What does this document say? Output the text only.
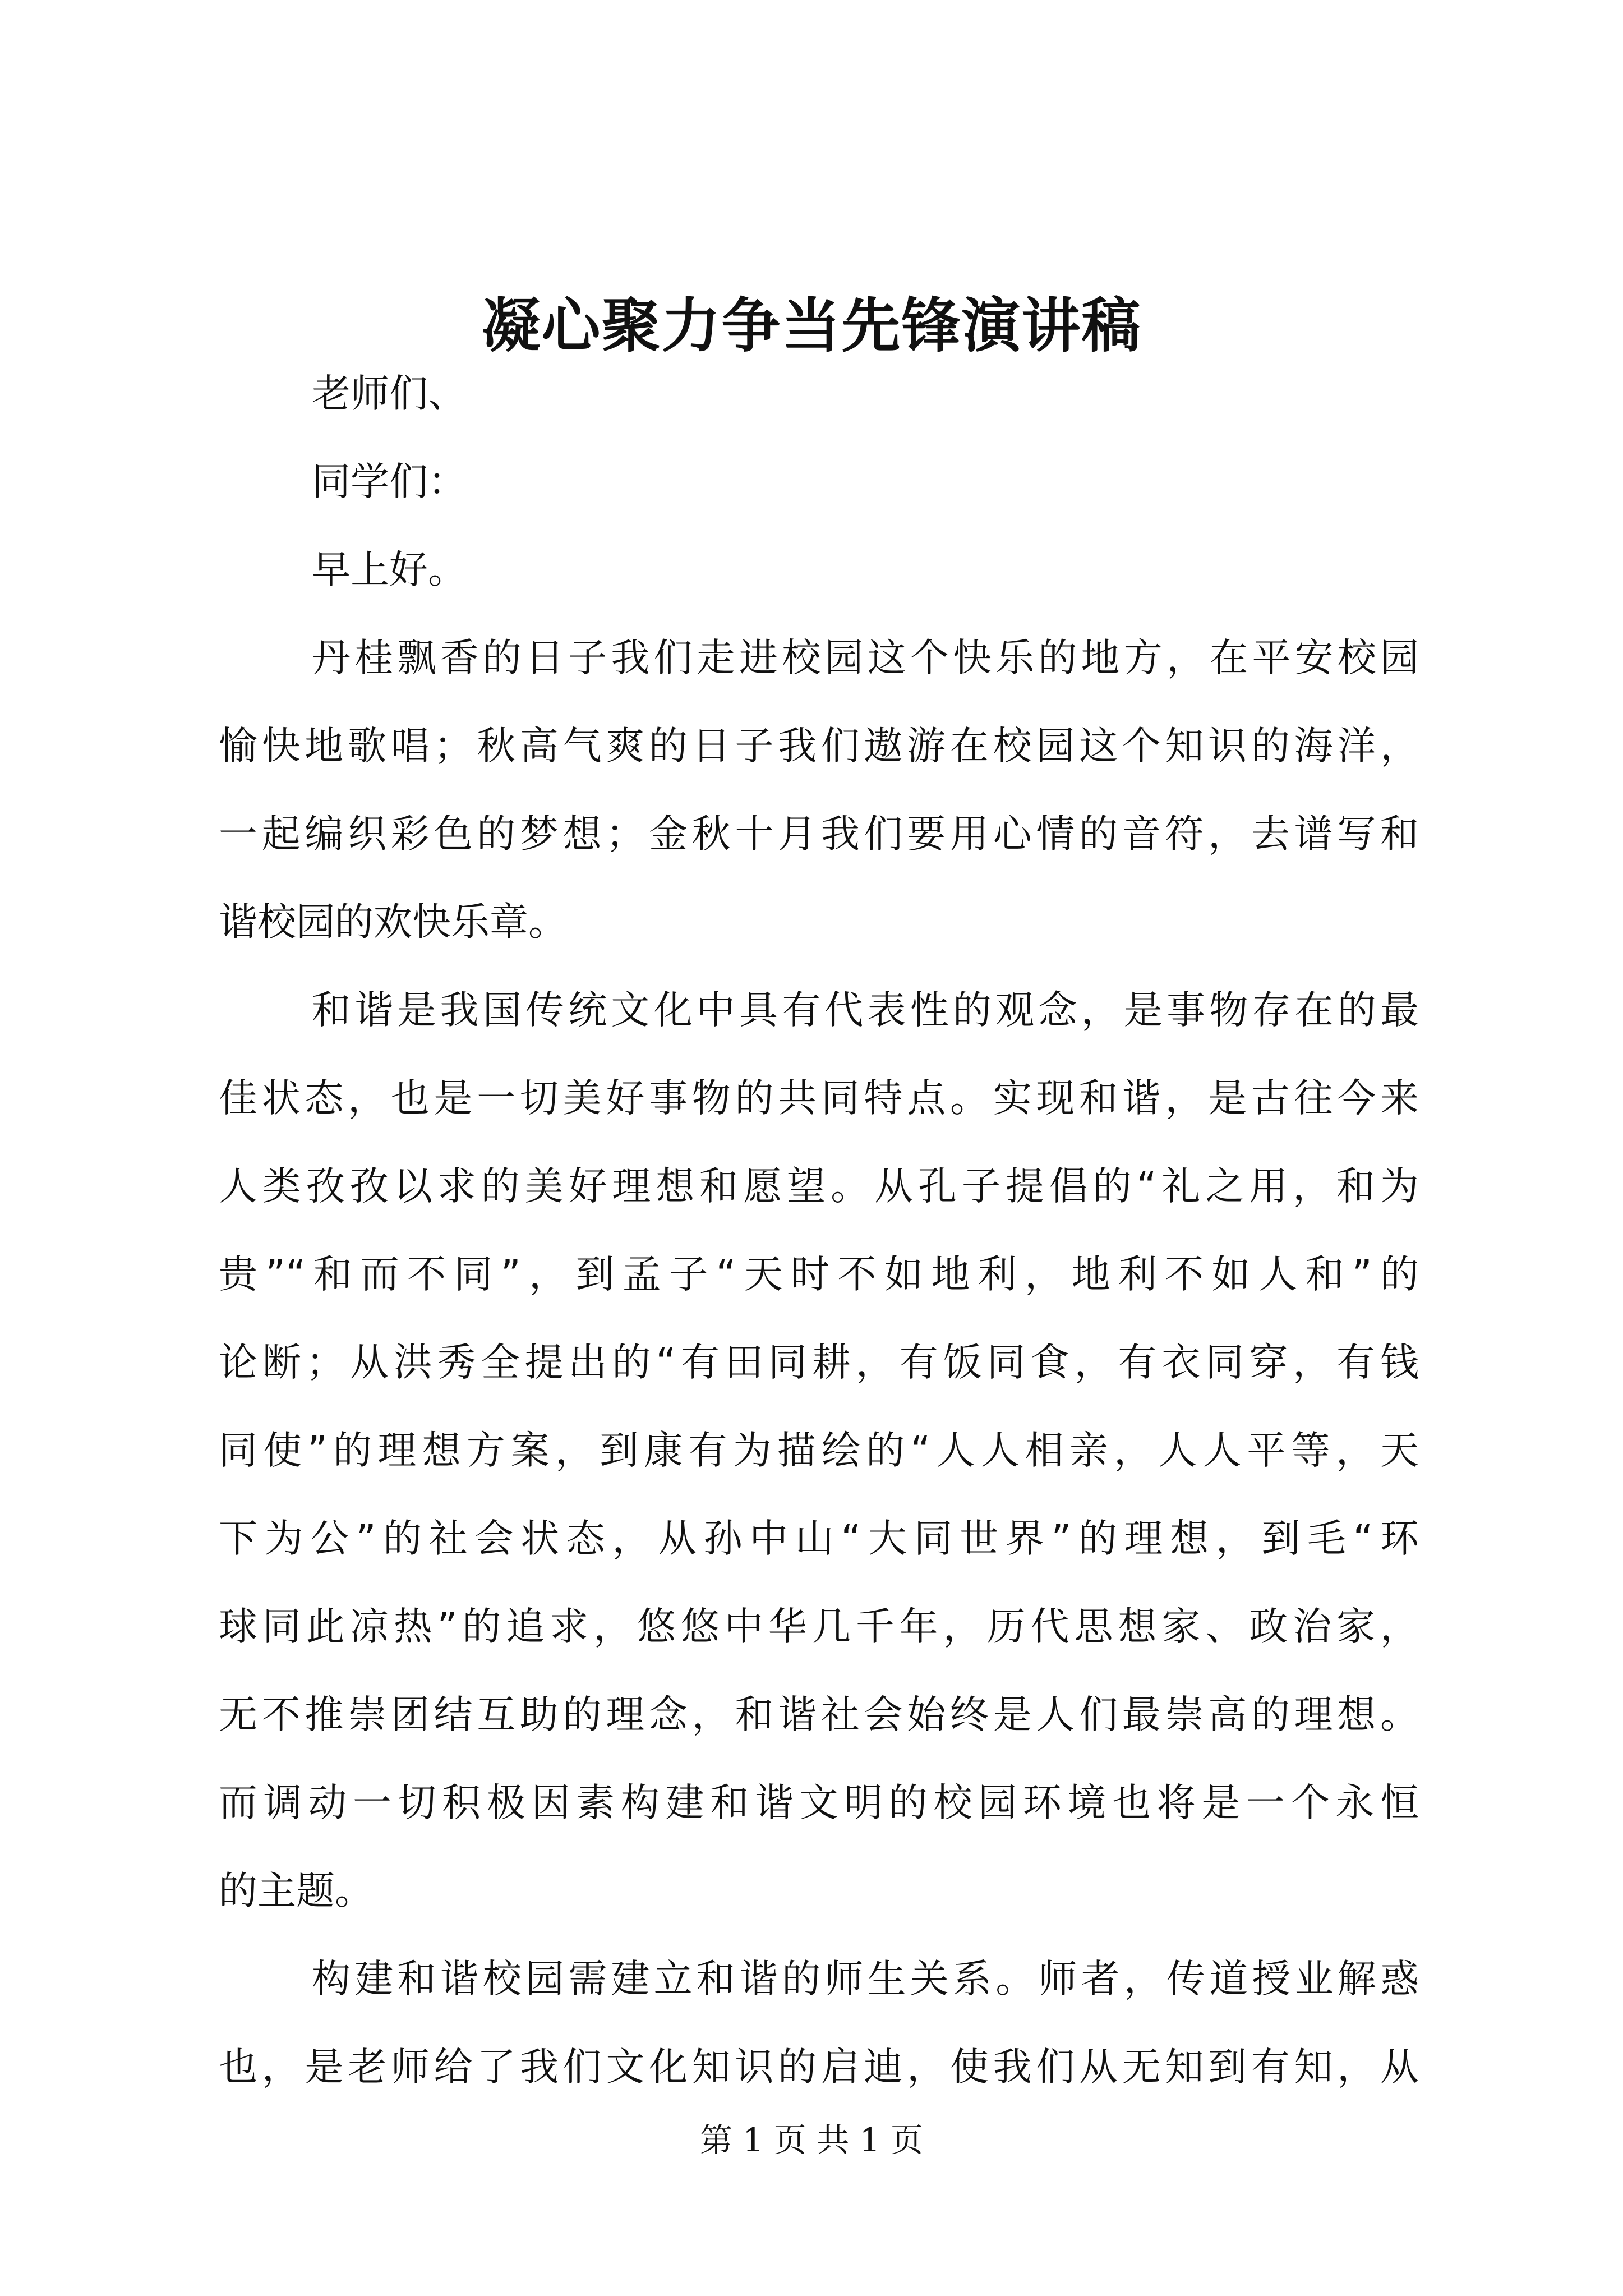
凝心聚力争当先锋演讲稿
老师们、
同学们：
早上好。
丹桂飘香的日子我们走进校园这个快乐的地方，在平安校园
愉快地歌唱；秋高气爽的日子我们遨游在校园这个知识的海洋，
一起编织彩色的梦想；金秋十月我们要用心情的音符，去谱写和
谐校园的欢快乐章。
和谐是我国传统文化中具有代表性的观念，是事物存在的最
佳状态，也是一切美好事物的共同特点。实现和谐，是古往今来
人类孜孜以求的美好理想和愿望。从孔子提倡的“礼之用，和为
贵”“和而不同”，到孟子“天时不如地利，地利不如人和”的
论断；从洪秀全提出的“有田同耕，有饭同食，有衣同穿，有钱
同使”的理想方案，到康有为描绘的“人人相亲，人人平等，天
下为公”的社会状态，从孙中山“大同世界”的理想，到毛“环
球同此凉热”的追求，悠悠中华几千年，历代思想家、政治家，
无不推崇团结互助的理念，和谐社会始终是人们最崇高的理想。
而调动一切积极因素构建和谐文明的校园环境也将是一个永恒
的主题。
构建和谐校园需建立和谐的师生关系。师者，传道授业解惑
也，是老师给了我们文化知识的启迪，使我们从无知到有知，从
第 1 页 共 1 页
